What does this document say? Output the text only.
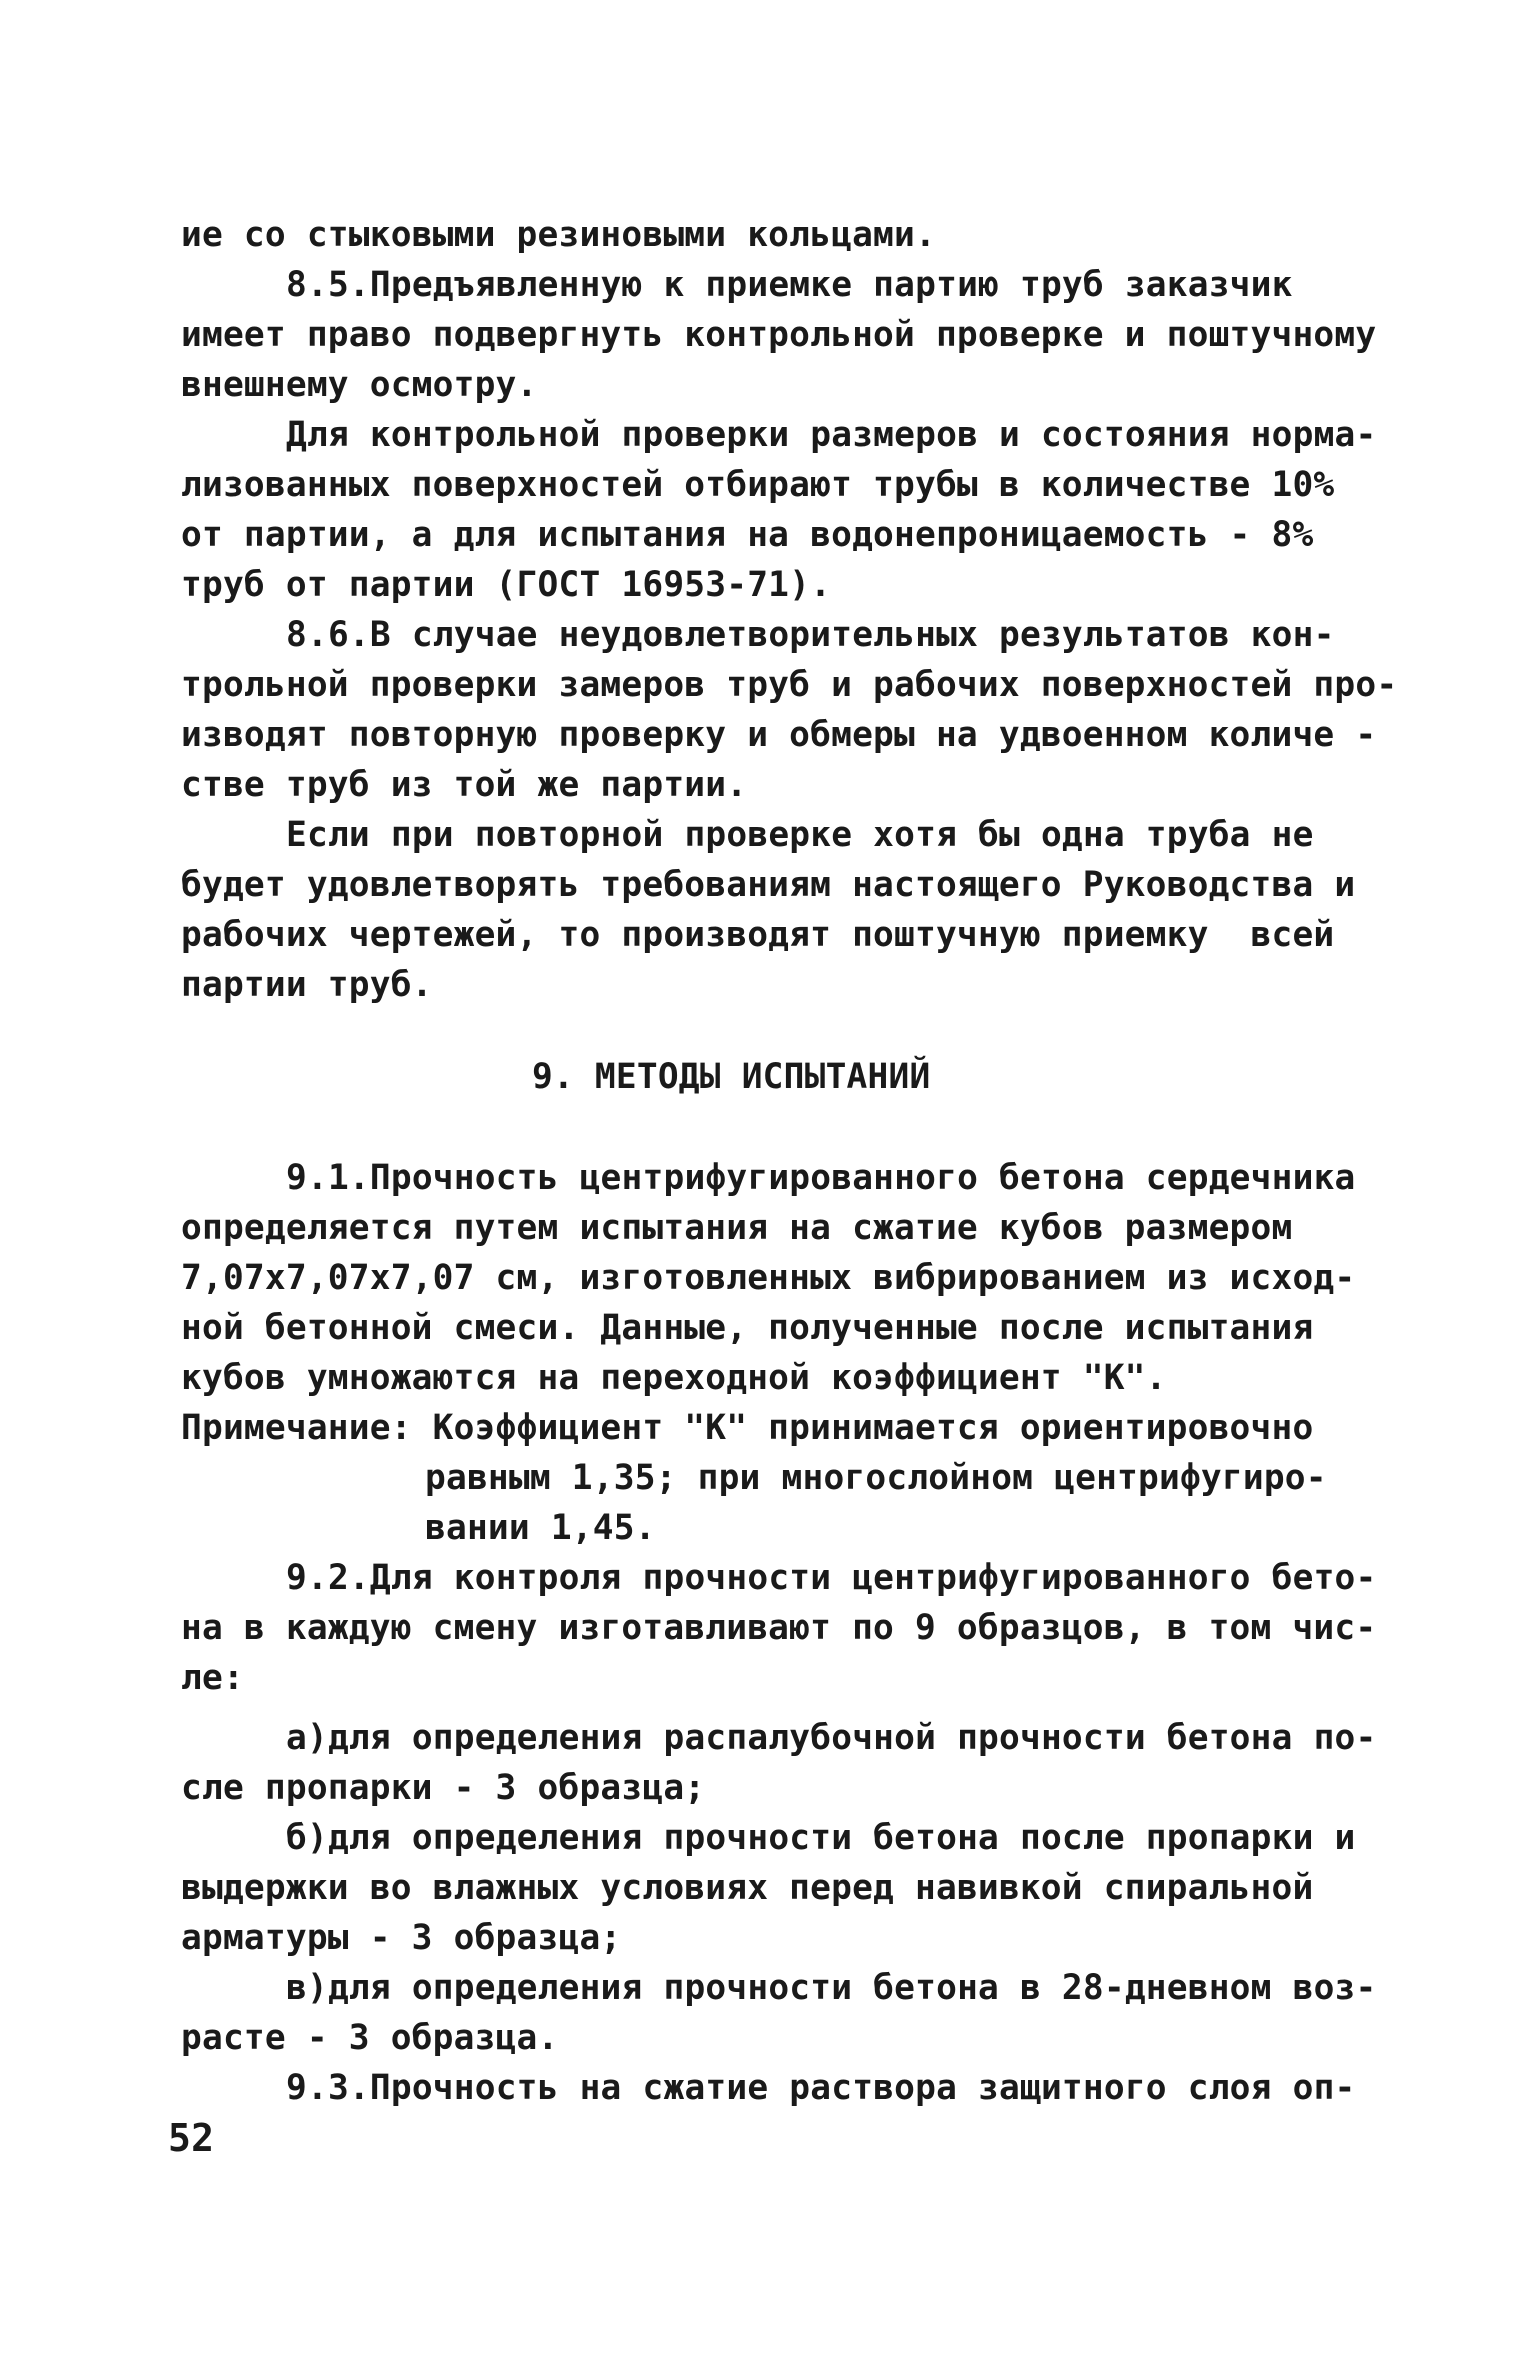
ие со стыковыми резиновыми кольцами.
8.5.Предъявленную к приемке партию труб заказчик
имеет право подвергнуть контрольной проверке и поштучному
внешнему осмотру.
Для контрольной проверки размеров и состояния норма-
лизованных поверхностей отбирают трубы в количестве 10%
от партии, а для испытания на водонепроницаемость - 8%
труб от партии (ГОСТ 16953-71).
8.6.В случае неудовлетворительных результатов кон-
трольной проверки замеров труб и рабочих поверхностей про-
изводят повторную проверку и обмеры на удвоенном количе -
стве труб из той же партии.
Если при повторной проверке хотя бы одна труба не
будет удовлетворять требованиям настоящего Руководства и
рабочих чертежей, то производят поштучную приемку  всей
партии труб.
9. МЕТОДЫ ИСПЫТАНИЙ
9.1.Прочность центрифугированного бетона сердечника
определяется путем испытания на сжатие кубов размером
7,07х7,07х7,07 см, изготовленных вибрированием из исход-
ной бетонной смеси. Данные, полученные после испытания
кубов умножаются на переходной коэффициент "К".
Примечание: Коэффициент "К" принимается ориентировочно
равным 1,35; при многослойном центрифугиро-
вании 1,45.
9.2.Для контроля прочности центрифугированного бето-
на в каждую смену изготавливают по 9 образцов, в том чис-
ле:
а)для определения распалубочной прочности бетона по-
сле пропарки - 3 образца;
б)для определения прочности бетона после пропарки и
выдержки во влажных условиях перед навивкой спиральной
арматуры - 3 образца;
в)для определения прочности бетона в 28-дневном воз-
расте - 3 образца.
9.3.Прочность на сжатие раствора защитного слоя оп-
52
